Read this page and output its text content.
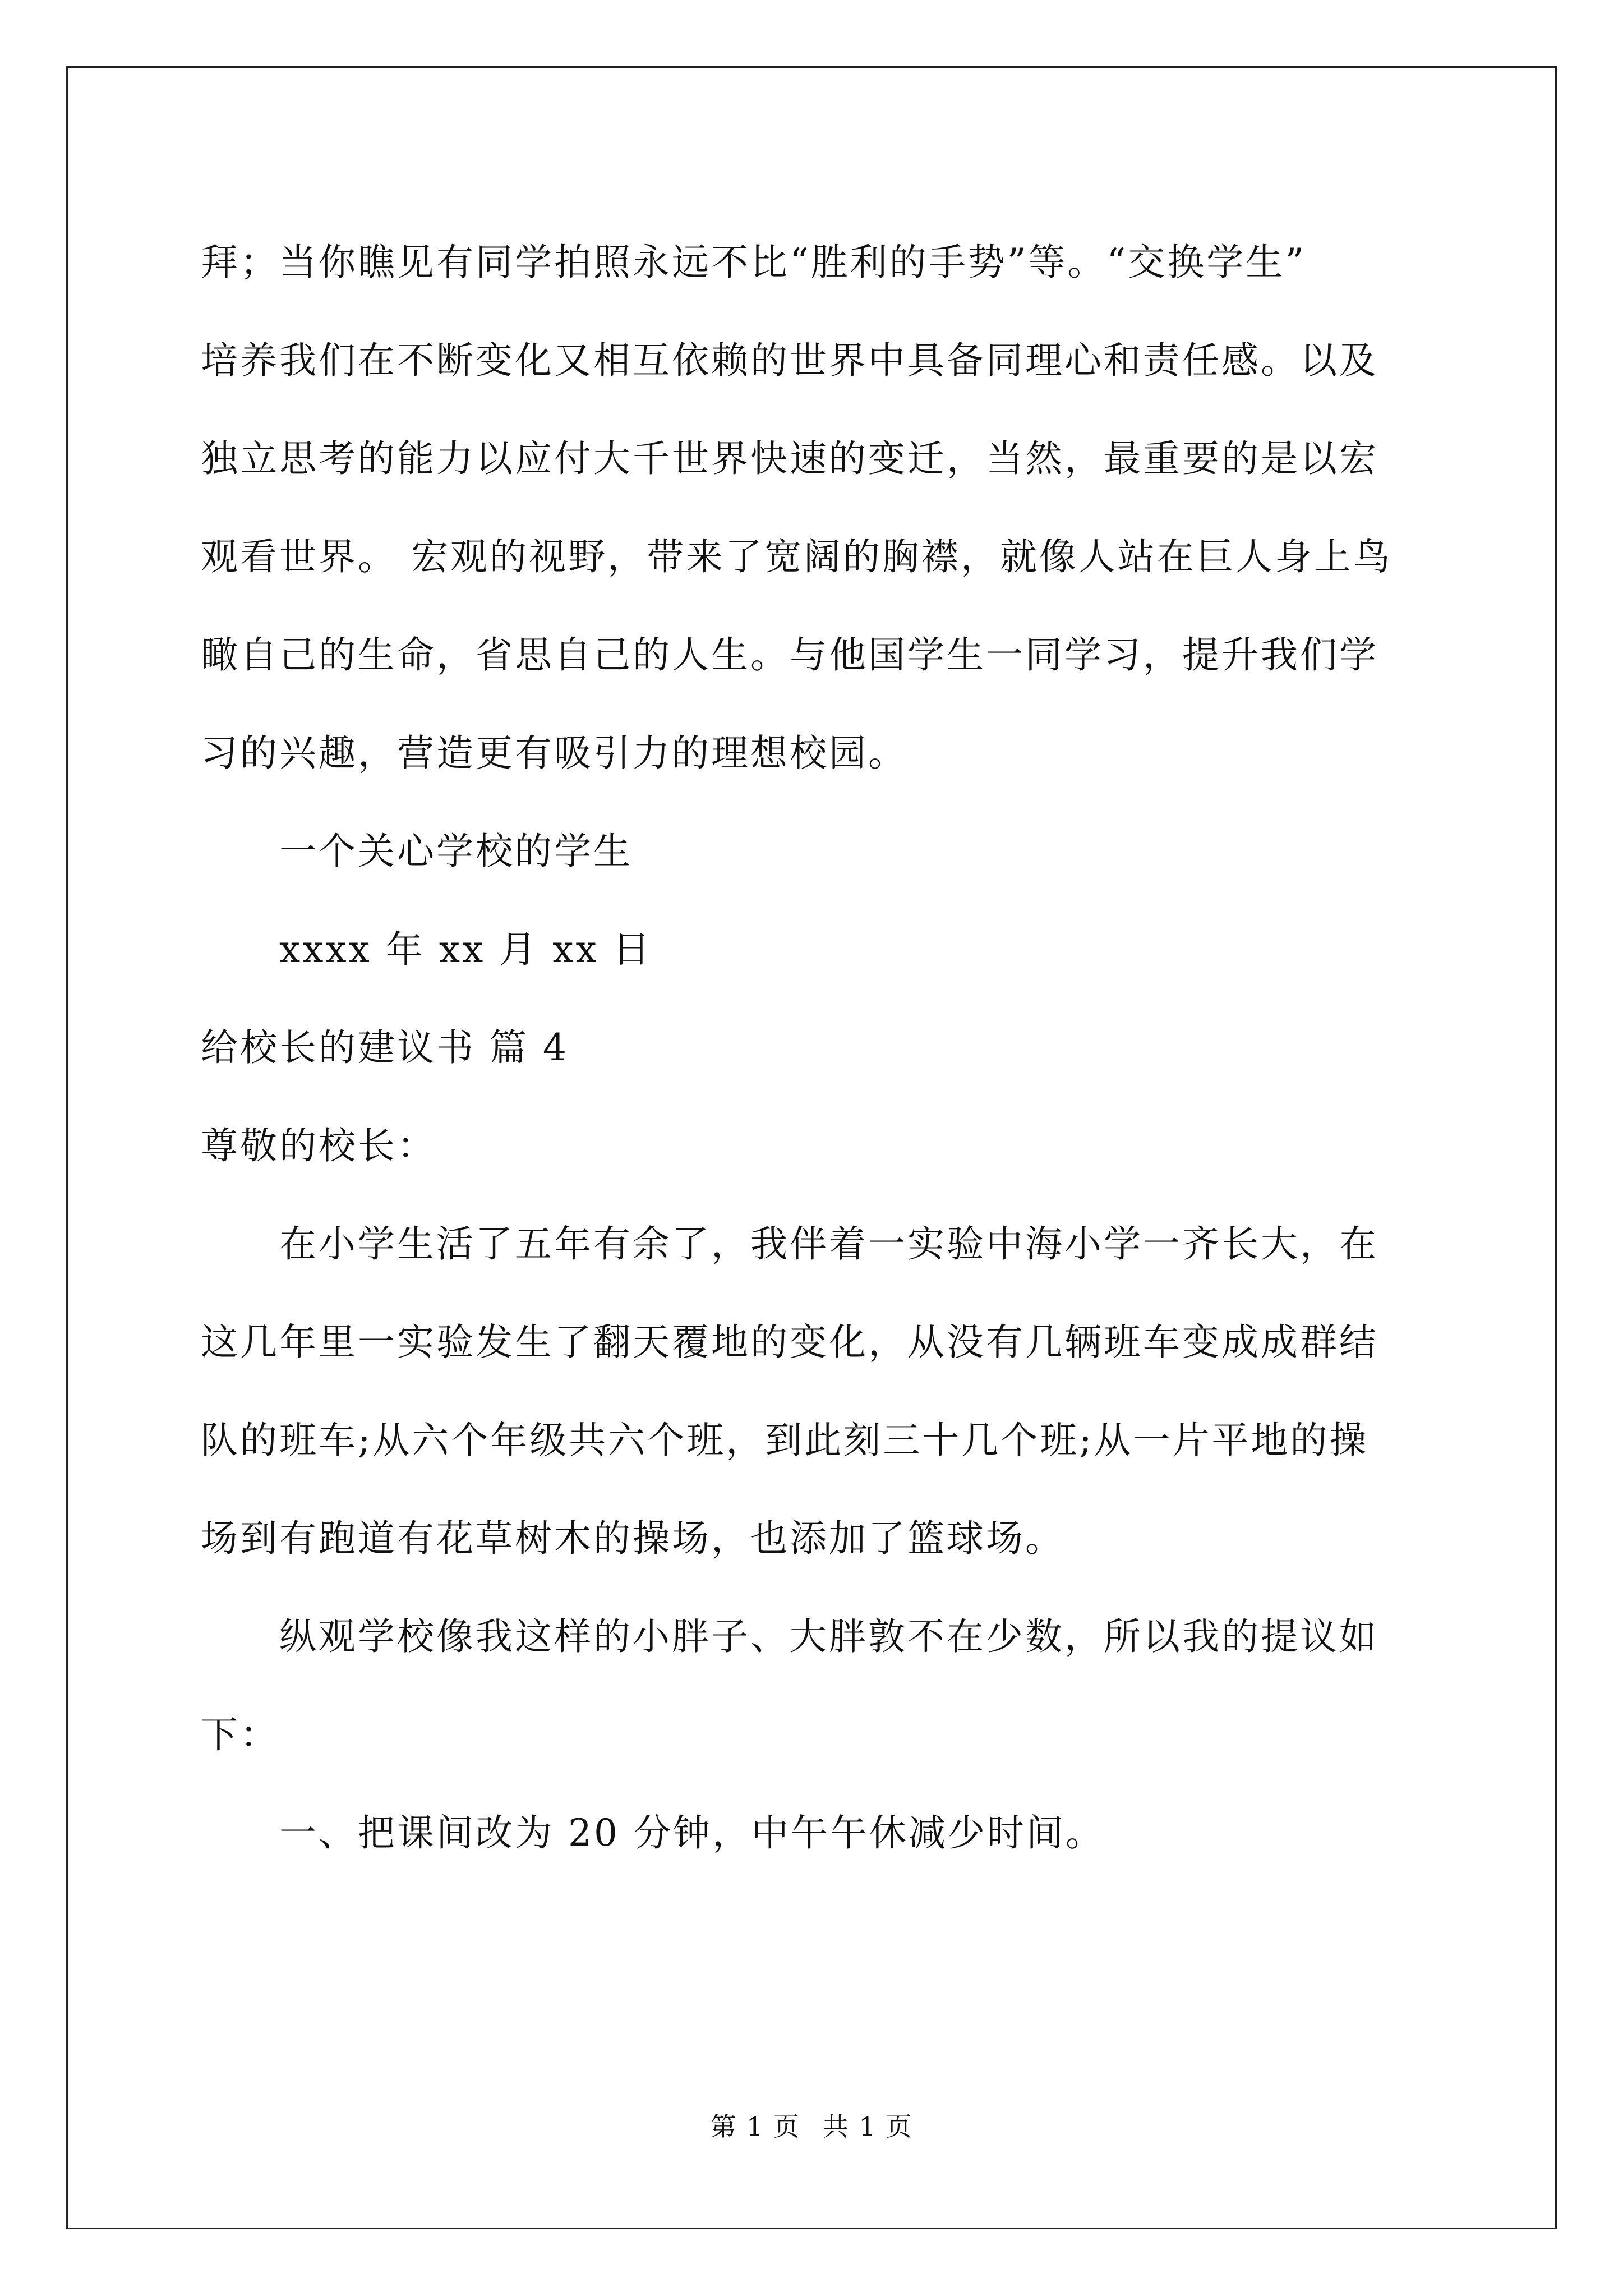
拜；当你瞧见有同学拍照永远不比“胜利的手势”等。“交换学生”
培养我们在不断变化又相互依赖的世界中具备同理心和责任感。以及
独立思考的能力以应付大千世界快速的变迁，当然，最重要的是以宏
观看世界。 宏观的视野，带来了宽阔的胸襟，就像人站在巨人身上鸟
瞰自己的生命，省思自己的人生。与他国学生一同学习，提升我们学
习的兴趣，营造更有吸引力的理想校园。
一个关心学校的学生
xxxx 年 xx 月 xx 日
给校长的建议书 篇 4
尊敬的校长：
在小学生活了五年有余了，我伴着一实验中海小学一齐长大，在
这几年里一实验发生了翻天覆地的变化，从没有几辆班车变成成群结
队的班车;从六个年级共六个班，到此刻三十几个班;从一片平地的操
场到有跑道有花草树木的操场，也添加了篮球场。
纵观学校像我这样的小胖子、大胖敦不在少数，所以我的提议如
下：
一、把课间改为 20 分钟，中午午休减少时间。
第 1 页 共 1 页
